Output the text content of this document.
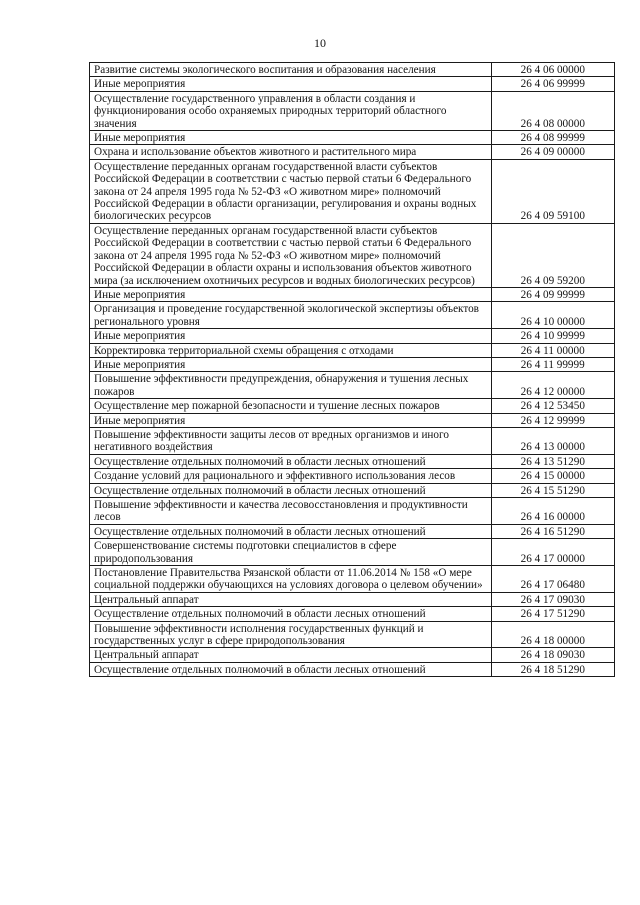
10
Развитие системы экологического воспитания и образования населения	26 4 06 00000
Иные мероприятия	26 4 06 99999
Осуществление государственного управления в области создания и функционирования особо охраняемых природных территорий областного значения	26 4 08 00000
Иные мероприятия	26 4 08 99999
Охрана и использование объектов животного и растительного мира	26 4 09 00000
Осуществление переданных органам государственной власти субъектов Российской Федерации в соответствии с частью первой статьи 6 Федерального закона от 24 апреля 1995 года № 52-ФЗ «О животном мире» полномочий Российской Федерации в области организации, регулирования и охраны водных биологических ресурсов	26 4 09 59100
Осуществление переданных органам государственной власти субъектов Российской Федерации в соответствии с частью первой статьи 6 Федерального закона от 24 апреля 1995 года № 52-ФЗ «О животном мире» полномочий Российской Федерации в области охраны и использования объектов животного мира (за исключением охотничьих ресурсов и водных биологических ресурсов)	26 4 09 59200
Иные мероприятия	26 4 09 99999
Организация и проведение государственной экологической экспертизы объектов регионального уровня	26 4 10 00000
Иные мероприятия	26 4 10 99999
Корректировка территориальной схемы обращения с отходами	26 4 11 00000
Иные мероприятия	26 4 11 99999
Повышение эффективности предупреждения, обнаружения и тушения лесных пожаров	26 4 12 00000
Осуществление мер пожарной безопасности и тушение лесных пожаров	26 4 12 53450
Иные мероприятия	26 4 12 99999
Повышение эффективности защиты лесов от вредных организмов и иного негативного воздействия	26 4 13 00000
Осуществление отдельных полномочий в области лесных отношений	26 4 13 51290
Создание условий для рационального и эффективного использования лесов	26 4 15 00000
Осуществление отдельных полномочий в области лесных отношений	26 4 15 51290
Повышение эффективности и качества лесовосстановления и продуктивности лесов	26 4 16 00000
Осуществление отдельных полномочий в области лесных отношений	26 4 16 51290
Совершенствование системы подготовки специалистов в сфере природопользования	26 4 17 00000
Постановление Правительства Рязанской области от 11.06.2014 № 158 «О мере социальной поддержки обучающихся на условиях договора о целевом обучении»	26 4 17 06480
Центральный аппарат	26 4 17 09030
Осуществление отдельных полномочий в области лесных отношений	26 4 17 51290
Повышение эффективности исполнения государственных функций и государственных услуг в сфере природопользования	26 4 18 00000
Центральный аппарат	26 4 18 09030
Осуществление отдельных полномочий в области лесных отношений	26 4 18 51290
